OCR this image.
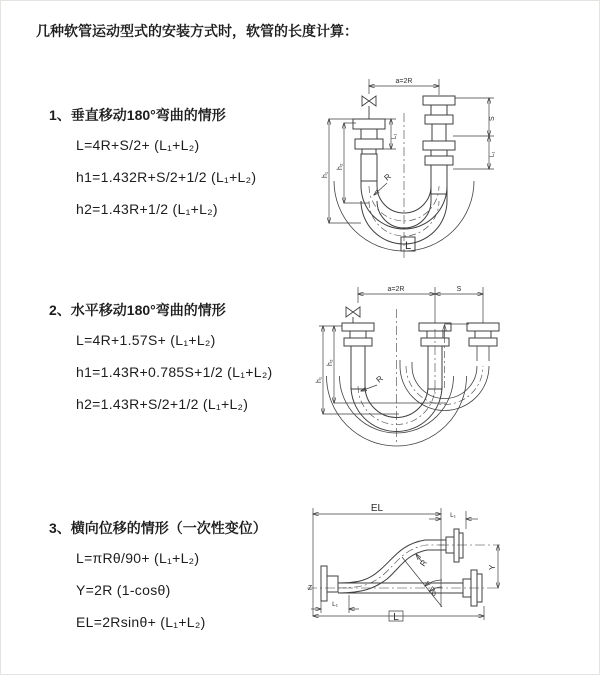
几种软管运动型式的安装方式时，软管的长度计算：
1、垂直移动180°弯曲的情形
L=4R+S/2+ (L₁+L₂)
h1=1.432R+S/2+1/2 (L₁+L₂)
h2=1.43R+1/2 (L₁+L₂)
2、水平移动180°弯曲的情形
L=4R+1.57S+ (L₁+L₂)
h1=1.43R+0.785S+1/2 (L₁+L₂)
h2=1.43R+S/2+1/2 (L₁+L₂)
3、横向位移的情形（一次性变位）
L=πRθ/90+ (L₁+L₂)
Y=2R (1-cosθ)
EL=2Rsinθ+ (L₁+L₂)
a=2R
h₁
h₂
L₁
S
L₁
R
L
a=2R	S
h₁
h₂
R
θ
EL
L₁
Y
R
L₁
L
Z
